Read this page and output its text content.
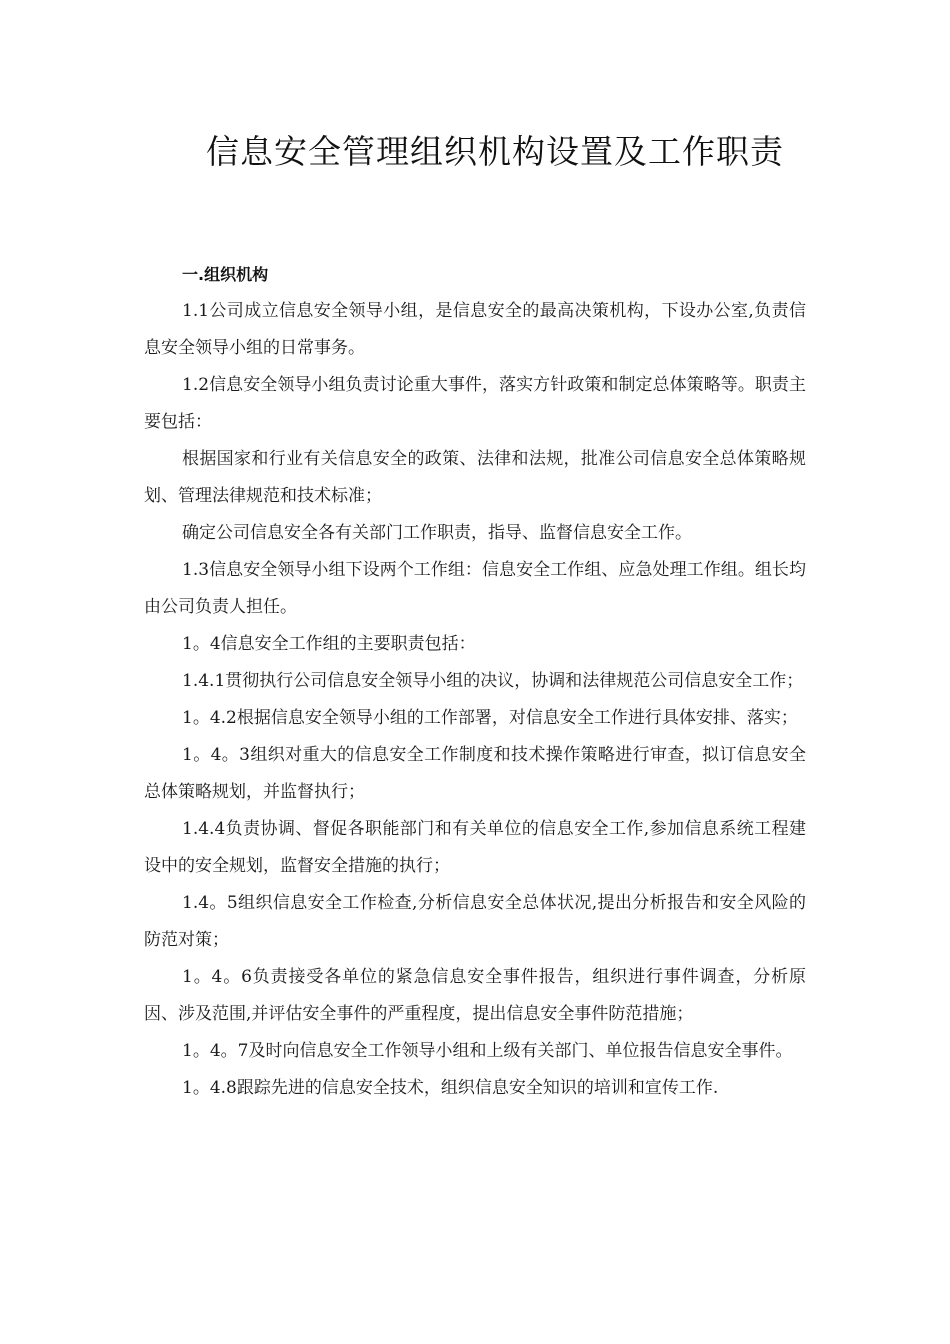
信息安全管理组织机构设置及工作职责

一.组织机构

1.1公司成立信息安全领导小组，是信息安全的最高决策机构，下设办公室,负责信息安全领导小组的日常事务。

1.2信息安全领导小组负责讨论重大事件，落实方针政策和制定总体策略等。职责主要包括：

根据国家和行业有关信息安全的政策、法律和法规，批准公司信息安全总体策略规划、管理法律规范和技术标准；

确定公司信息安全各有关部门工作职责，指导、监督信息安全工作。

1.3信息安全领导小组下设两个工作组：信息安全工作组、应急处理工作组。组长均由公司负责人担任。

1。4信息安全工作组的主要职责包括：

1.4.1贯彻执行公司信息安全领导小组的决议，协调和法律规范公司信息安全工作；

1。4.2根据信息安全领导小组的工作部署，对信息安全工作进行具体安排、落实；

1。4。3组织对重大的信息安全工作制度和技术操作策略进行审查，拟订信息安全总体策略规划，并监督执行；

1.4.4负责协调、督促各职能部门和有关单位的信息安全工作,参加信息系统工程建设中的安全规划，监督安全措施的执行；

1.4。5组织信息安全工作检查,分析信息安全总体状况,提出分析报告和安全风险的防范对策；

1。4。6负责接受各单位的紧急信息安全事件报告，组织进行事件调查，分析原因、涉及范围,并评估安全事件的严重程度，提出信息安全事件防范措施；

1。4。7及时向信息安全工作领导小组和上级有关部门、单位报告信息安全事件。

1。4.8跟踪先进的信息安全技术，组织信息安全知识的培训和宣传工作.
